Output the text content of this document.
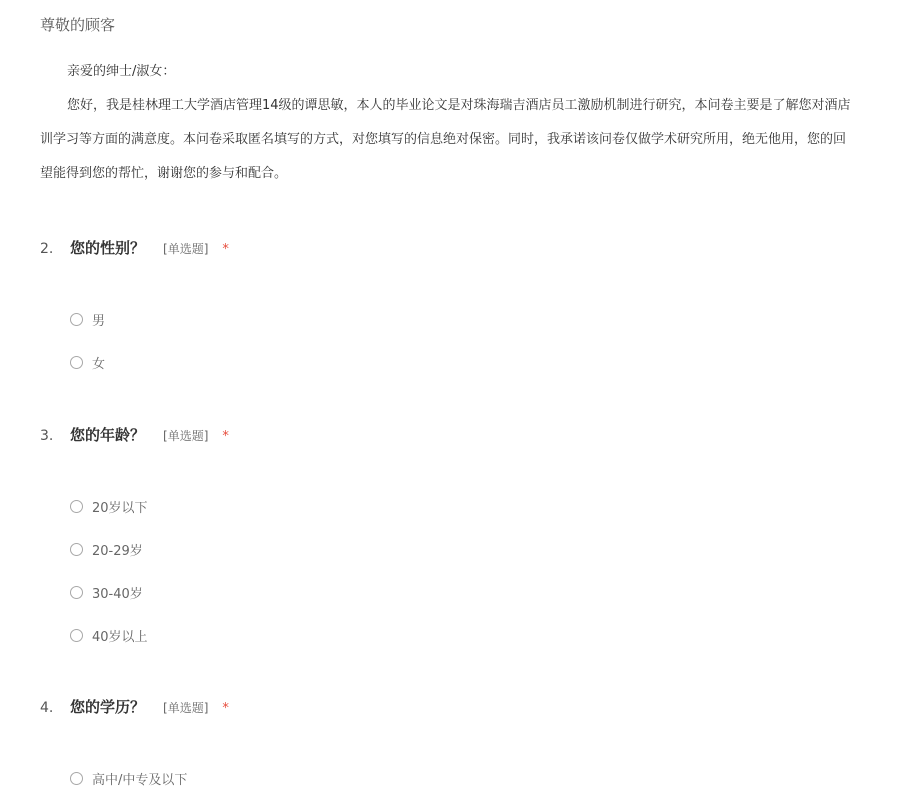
尊敬的顾客

亲爱的绅士/淑女：

您好，我是桂林理工大学酒店管理14级的谭思敏，本人的毕业论文是对珠海瑞吉酒店员工激励机制进行研究，本问卷主要是了解您对酒店

训学习等方面的满意度。本问卷采取匿名填写的方式，对您填写的信息绝对保密。同时，我承诺该问卷仅做学术研究所用，绝无他用，您的回

望能得到您的帮忙，谢谢您的参与和配合。

2.	您的性别？ [单选题] *
男
女
3.	您的年龄？ [单选题] *
20岁以下
20-29岁
30-40岁
40岁以上
4.	您的学历？ [单选题] *
高中/中专及以下
